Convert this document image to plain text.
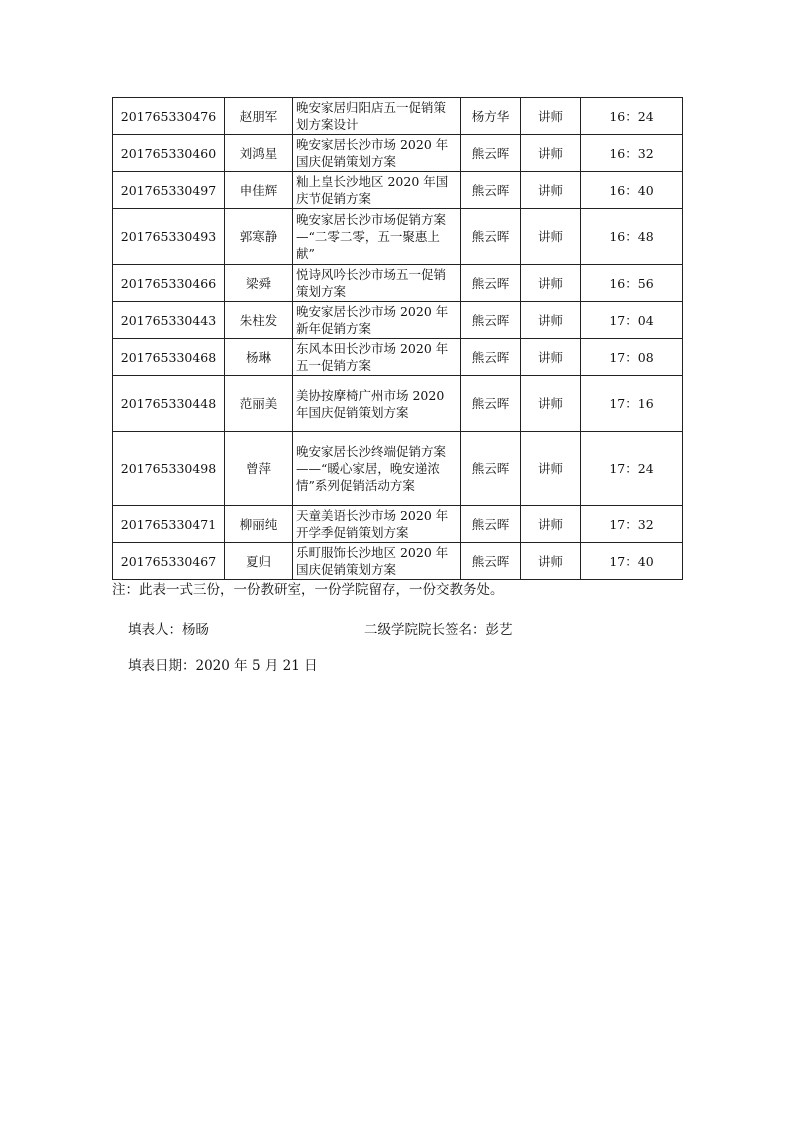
201765330476	赵朋军	晚安家居归阳店五一促销策划方案设计	杨方华	讲师	16：24
201765330460	刘鸿星	晚安家居长沙市场 2020 年国庆促销策划方案	熊云晖	讲师	16：32
201765330497	申佳辉	籼上皇长沙地区 2020 年国庆节促销方案	熊云晖	讲师	16：40
201765330493	郭寒静	晚安家居长沙市场促销方案—“二零二零，五一聚惠上献”	熊云晖	讲师	16：48
201765330466	梁舜	悦诗风吟长沙市场五一促销策划方案	熊云晖	讲师	16：56
201765330443	朱柱发	晚安家居长沙市场 2020 年新年促销方案	熊云晖	讲师	17：04
201765330468	杨琳	东风本田长沙市场 2020 年五一促销方案	熊云晖	讲师	17：08
201765330448	范丽美	美协按摩椅广州市场 2020 年国庆促销策划方案	熊云晖	讲师	17：16
201765330498	曾萍	晚安家居长沙终端促销方案——“暖心家居，晚安递浓情”系列促销活动方案	熊云晖	讲师	17：24
201765330471	柳丽纯	天童美语长沙市场 2020 年开学季促销策划方案	熊云晖	讲师	17：32
201765330467	夏归	乐町服饰长沙地区 2020 年国庆促销策划方案	熊云晖	讲师	17：40
注：此表一式三份，一份教研室，一份学院留存，一份交教务处。
填表人：杨旸	二级学院院长签名：彭艺
填表日期：2020 年 5 月 21 日
